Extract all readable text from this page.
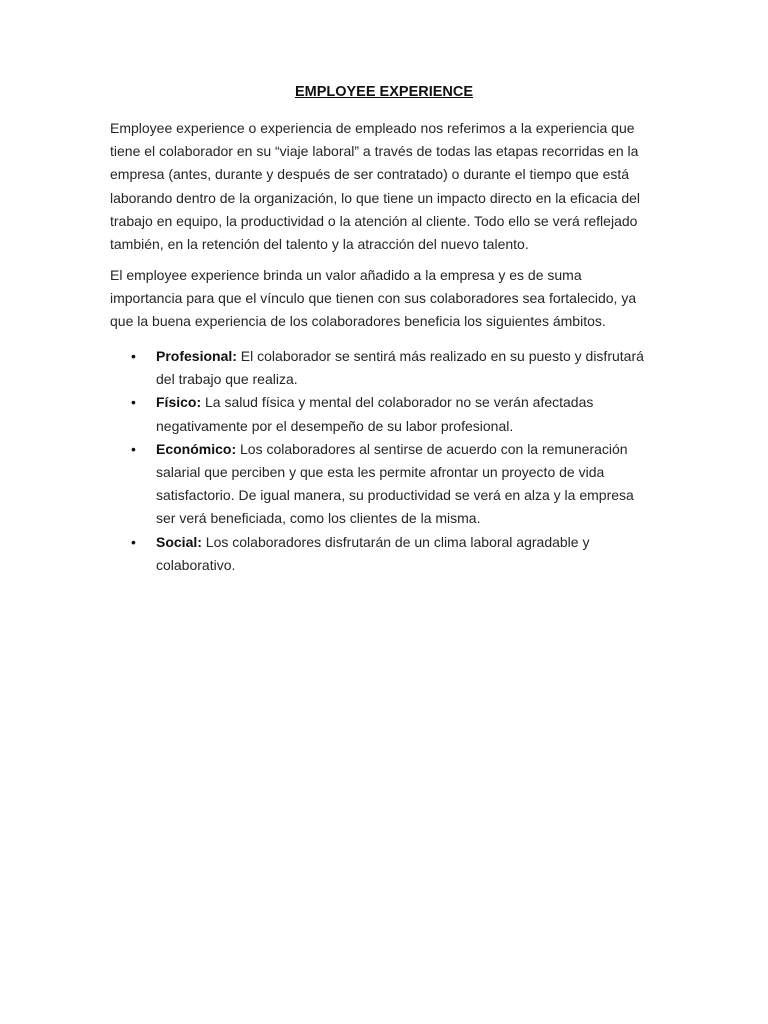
EMPLOYEE EXPERIENCE

Employee experience o experiencia de empleado nos referimos a la experiencia que tiene el colaborador en su “viaje laboral” a través de todas las etapas recorridas en la empresa (antes, durante y después de ser contratado) o durante el tiempo que está laborando dentro de la organización, lo que tiene un impacto directo en la eficacia del trabajo en equipo, la productividad o la atención al cliente. Todo ello se verá reflejado también, en la retención del talento y la atracción del nuevo talento.

El employee experience brinda un valor añadido a la empresa y es de suma importancia para que el vínculo que tienen con sus colaboradores sea fortalecido, ya que la buena experiencia de los colaboradores beneficia los siguientes ámbitos.

• Profesional: El colaborador se sentirá más realizado en su puesto y disfrutará del trabajo que realiza.
• Físico: La salud física y mental del colaborador no se verán afectadas negativamente por el desempeño de su labor profesional.
• Económico: Los colaboradores al sentirse de acuerdo con la remuneración salarial que perciben y que esta les permite afrontar un proyecto de vida satisfactorio. De igual manera, su productividad se verá en alza y la empresa ser verá beneficiada, como los clientes de la misma.
• Social: Los colaboradores disfrutarán de un clima laboral agradable y colaborativo.
